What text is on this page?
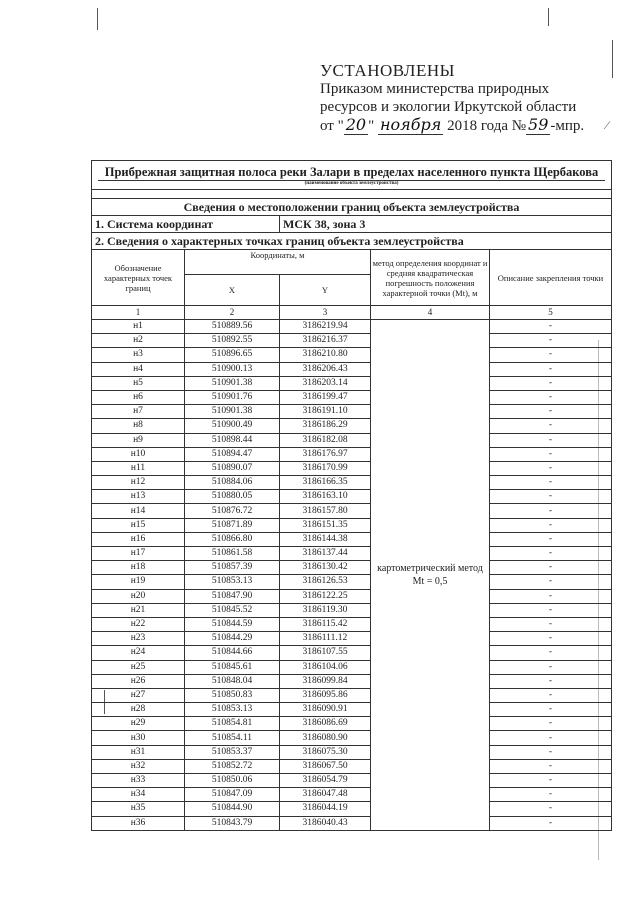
УСТАНОВЛЕНЫ
Приказом министерства природных
ресурсов и экологии Иркутской области
от " 20 " ноября 2018 года № 59 -мпр.
Прибрежная защитная полоса реки Залари в пределах населенного пункта Щербакова
(наименование объекта землеустройства)				

Сведения о местоположении границ объекта землеустройства				
1. Система координат		МСК 38, зона 3		
2. Сведения о характерных точках границ объекта землеустройства				
Обозначение характерных точек границ	Координаты, м		метод определения координат и средняя квадратическая погрешность положения характерной точки (Mt), м	Описание закрепления точки
	X	Y		
1	2	3	4	5
н1	510889.56	3186219.94	картометрический метод Mt = 0,5	-
н2	510892.55	3186216.37		-
н3	510896.65	3186210.80		-
н4	510900.13	3186206.43		-
н5	510901.38	3186203.14		-
н6	510901.76	3186199.47		-
н7	510901.38	3186191.10		-
н8	510900.49	3186186.29		-
н9	510898.44	3186182.08		-
н10	510894.47	3186176.97		-
н11	510890.07	3186170.99		-
н12	510884.06	3186166.35		-
н13	510880.05	3186163.10		-
н14	510876.72	3186157.80		-
н15	510871.89	3186151.35		-
н16	510866.80	3186144.38		-
н17	510861.58	3186137.44		-
н18	510857.39	3186130.42		-
н19	510853.13	3186126.53		-
н20	510847.90	3186122.25		-
н21	510845.52	3186119.30		-
н22	510844.59	3186115.42		-
н23	510844.29	3186111.12		-
н24	510844.66	3186107.55		-
н25	510845.61	3186104.06		-
н26	510848.04	3186099.84		-
н27	510850.83	3186095.86		-
н28	510853.13	3186090.91		-
н29	510854.81	3186086.69		-
н30	510854.11	3186080.90		-
н31	510853.37	3186075.30		-
н32	510852.72	3186067.50		-
н33	510850.06	3186054.79		-
н34	510847.09	3186047.48		-
н35	510844.90	3186044.19		-
н36	510843.79	3186040.43		-
⁄
